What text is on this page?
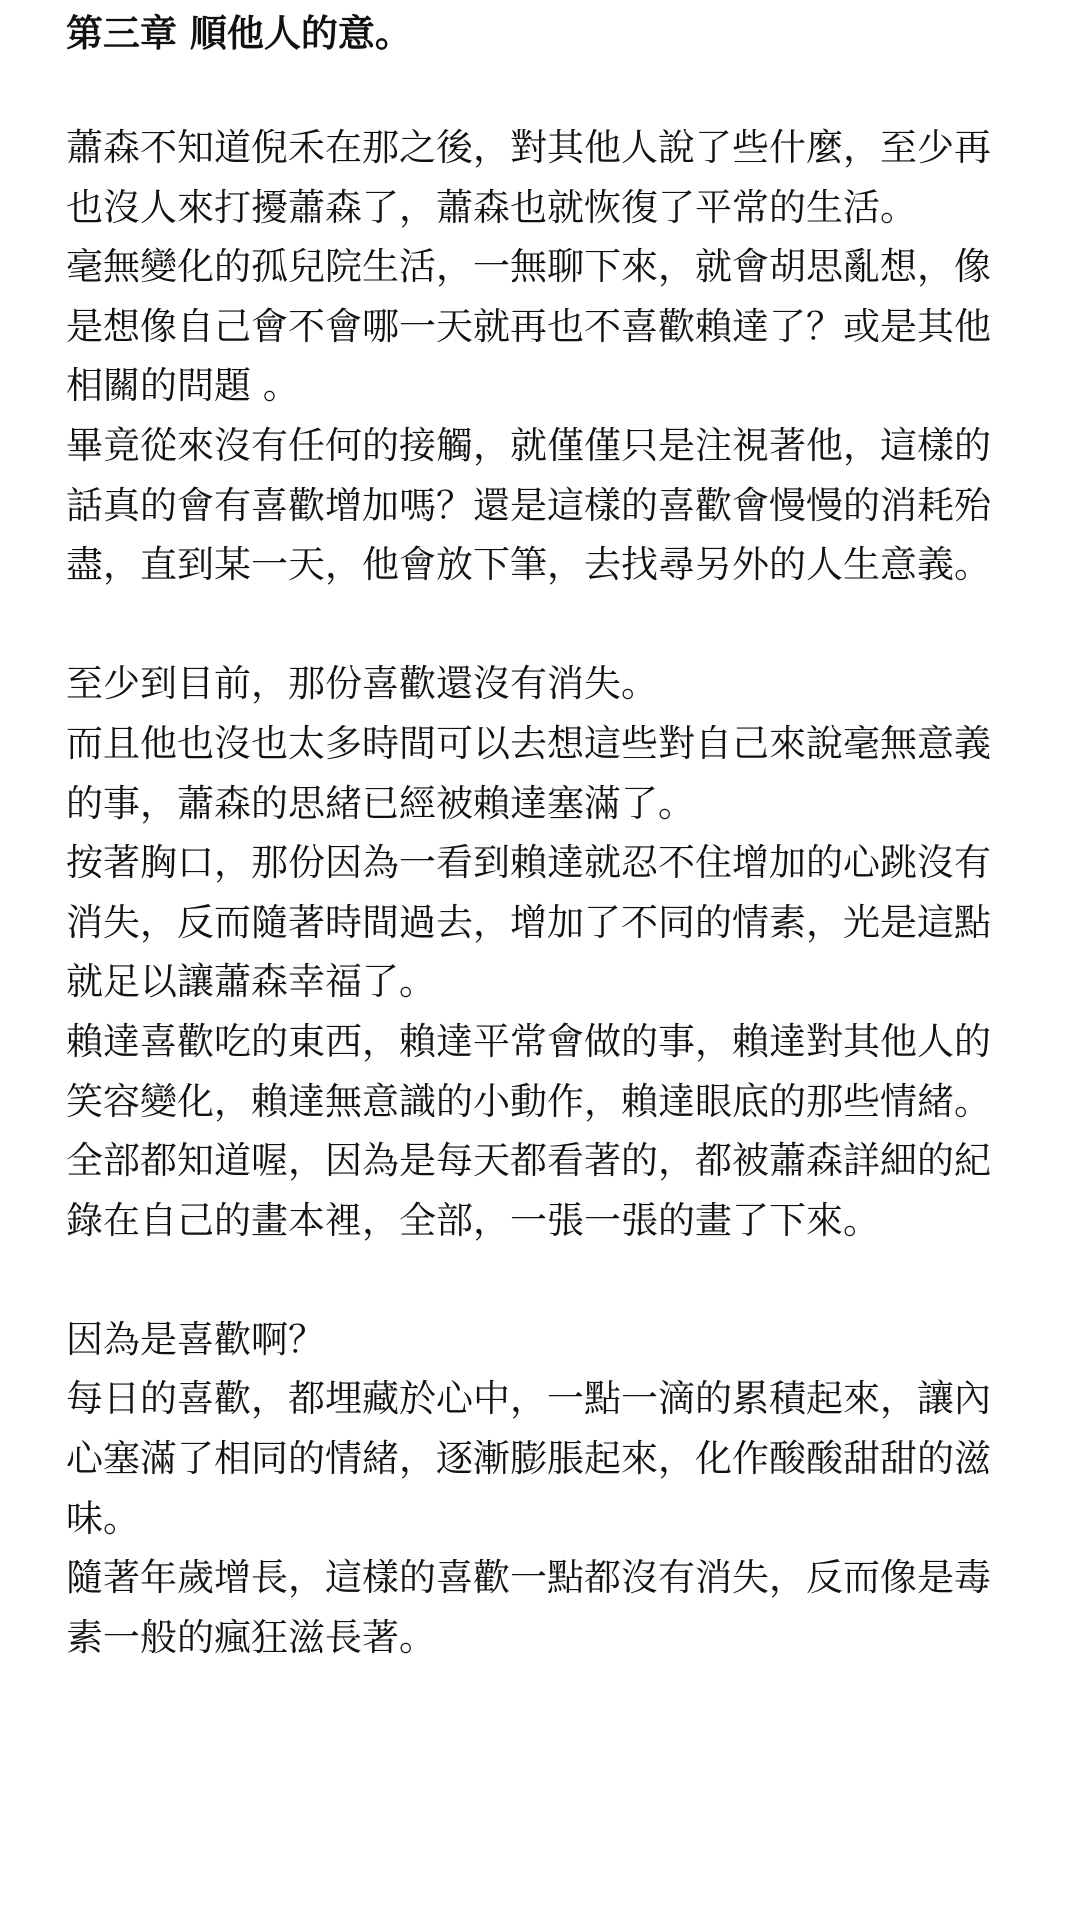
第三章 順他人的意。

蕭森不知道倪禾在那之後，對其他人說了些什麼，至少再也沒人來打擾蕭森了，蕭森也就恢復了平常的生活。

毫無變化的孤兒院生活，一無聊下來，就會胡思亂想，像是想像自己會不會哪一天就再也不喜歡賴達了？或是其他相關的問題 。

畢竟從來沒有任何的接觸，就僅僅只是注視著他，這樣的話真的會有喜歡增加嗎？還是這樣的喜歡會慢慢的消耗殆盡，直到某一天，他會放下筆，去找尋另外的人生意義。

至少到目前，那份喜歡還沒有消失。

而且他也沒也太多時間可以去想這些對自己來說毫無意義的事，蕭森的思緒已經被賴達塞滿了。

按著胸口，那份因為一看到賴達就忍不住增加的心跳沒有消失，反而隨著時間過去，增加了不同的情素，光是這點就足以讓蕭森幸福了。

賴達喜歡吃的東西，賴達平常會做的事，賴達對其他人的笑容變化，賴達無意識的小動作，賴達眼底的那些情緒。

全部都知道喔，因為是每天都看著的，都被蕭森詳細的紀錄在自己的畫本裡，全部，一張一張的畫了下來。

因為是喜歡啊？

每日的喜歡，都埋藏於心中，一點一滴的累積起來，讓內心塞滿了相同的情緒，逐漸膨脹起來，化作酸酸甜甜的滋味。

隨著年歲增長，這樣的喜歡一點都沒有消失，反而像是毒素一般的瘋狂滋長著。
